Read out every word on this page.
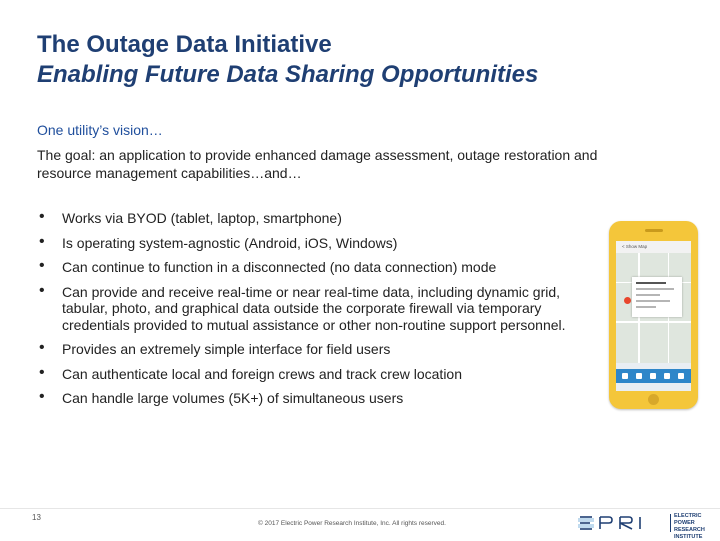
The Outage Data Initiative
Enabling Future Data Sharing Opportunities
One utility’s vision…
The goal: an application to provide enhanced damage assessment, outage restoration and resource management capabilities…and…
• Works via BYOD (tablet, laptop, smartphone)
• Is operating system-agnostic (Android, iOS, Windows)
• Can continue to function in a disconnected (no data connection) mode
• Can provide and receive real-time or near real-time data, including dynamic grid, tabular, photo, and graphical data outside the corporate firewall via temporary credentials provided to mutual assistance or other non-routine support personnel.
• Provides an extremely simple interface for field users
• Can authenticate local and foreign crews and track crew location
• Can handle large volumes (5K+) of simultaneous users
< Show Map
13
© 2017 Electric Power Research Institute, Inc. All rights reserved.
ELECTRIC POWER
RESEARCH INSTITUTE
